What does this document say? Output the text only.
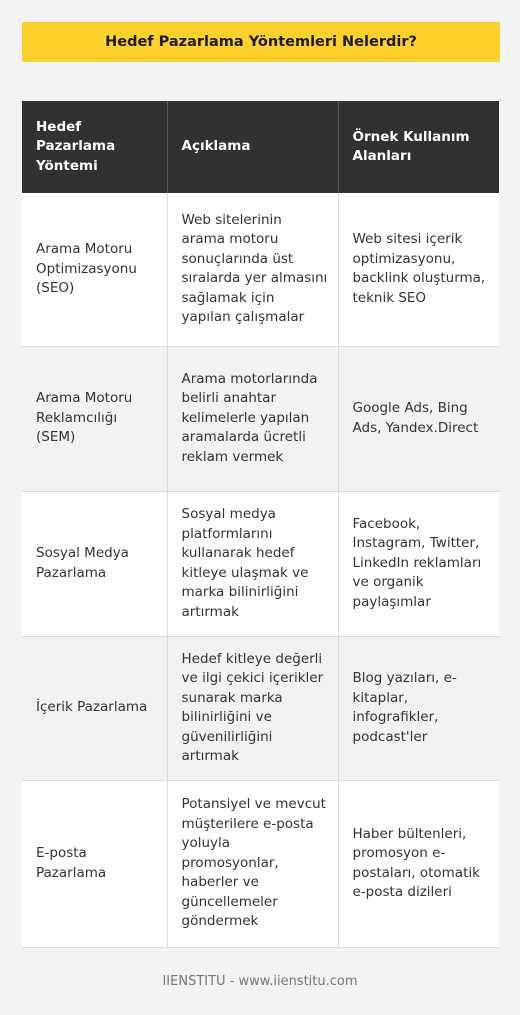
Hedef Pazarlama Yöntemleri Nelerdir?
Hedef Pazarlama Yöntemi	Açıklama	Örnek Kullanım Alanları
Arama Motoru Optimizasyonu (SEO)	Web sitelerinin arama motoru sonuçlarında üst sıralarda yer almasını sağlamak için yapılan çalışmalar	Web sitesi içerik optimizasyonu, backlink oluşturma, teknik SEO
Arama Motoru Reklamcılığı (SEM)	Arama motorlarında belirli anahtar kelimelerle yapılan aramalarda ücretli reklam vermek	Google Ads, Bing Ads, Yandex.Direct
Sosyal Medya Pazarlama	Sosyal medya platformlarını kullanarak hedef kitleye ulaşmak ve marka bilinirliğini artırmak	Facebook, Instagram, Twitter, LinkedIn reklamları ve organik paylaşımlar
İçerik Pazarlama	Hedef kitleye değerli ve ilgi çekici içerikler sunarak marka bilinirliğini ve güvenilirliğini artırmak	Blog yazıları, e-kitaplar, infografikler, podcast'ler
E-posta Pazarlama	Potansiyel ve mevcut müşterilere e-posta yoluyla promosyonlar, haberler ve güncellemeler göndermek	Haber bültenleri, promosyon e-postaları, otomatik e-posta dizileri
IIENSTITU - www.iienstitu.com
